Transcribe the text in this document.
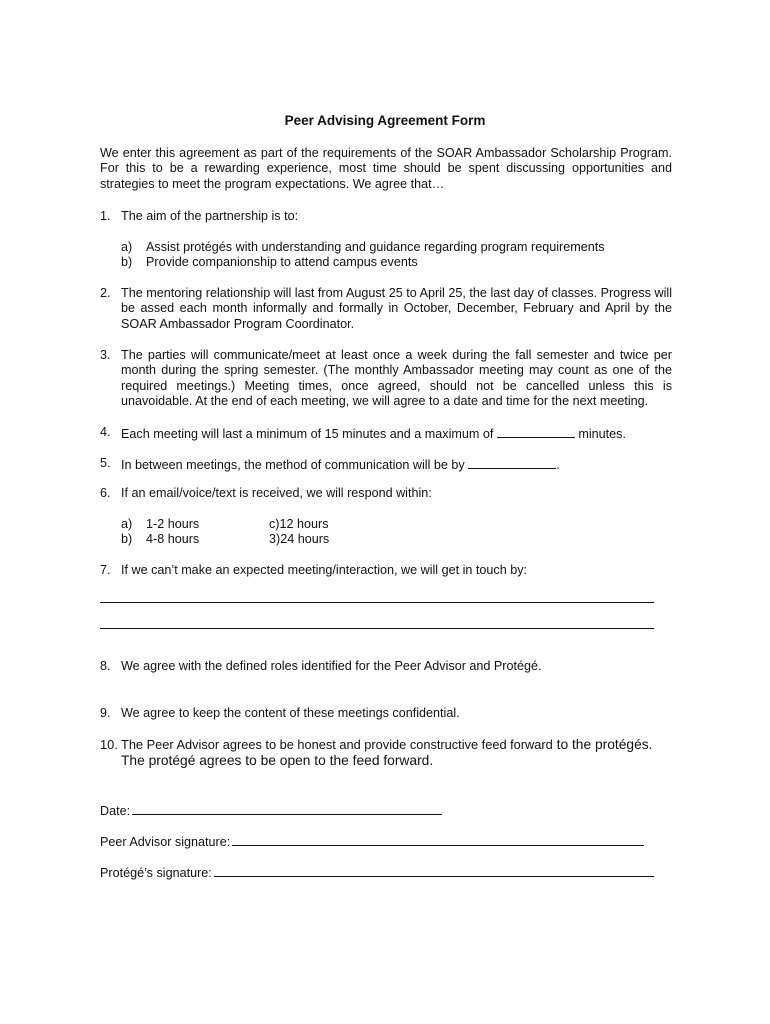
Peer Advising Agreement Form
We enter this agreement as part of the requirements of the SOAR Ambassador Scholarship Program. For this to be a rewarding experience, most time should be spent discussing opportunities and strategies to meet the program expectations. We agree that…
1. The aim of the partnership is to:
a) Assist protégés with understanding and guidance regarding program requirements
b) Provide companionship to attend campus events
2. The mentoring relationship will last from August 25 to April 25, the last day of classes. Progress will be assed each month informally and formally in October, December, February and April by the SOAR Ambassador Program Coordinator.
3. The parties will communicate/meet at least once a week during the fall semester and twice per month during the spring semester. (The monthly Ambassador meeting may count as one of the required meetings.) Meeting times, once agreed, should not be cancelled unless this is unavoidable. At the end of each meeting, we will agree to a date and time for the next meeting.
4. Each meeting will last a minimum of 15 minutes and a maximum of	minutes.
5. In between meetings, the method of communication will be by	.
6. If an email/voice/text is received, we will respond within:
a) 1-2 hours	c)12 hours
b) 4-8 hours	3)24 hours
7. If we can’t make an expected meeting/interaction, we will get in touch by:
8. We agree with the defined roles identified for the Peer Advisor and Protégé.
9. We agree to keep the content of these meetings confidential.
10. The Peer Advisor agrees to be honest and provide constructive feed forward to the protégés.
The protégé agrees to be open to the feed forward.
Date:
Peer Advisor signature:
Protégé’s signature:
